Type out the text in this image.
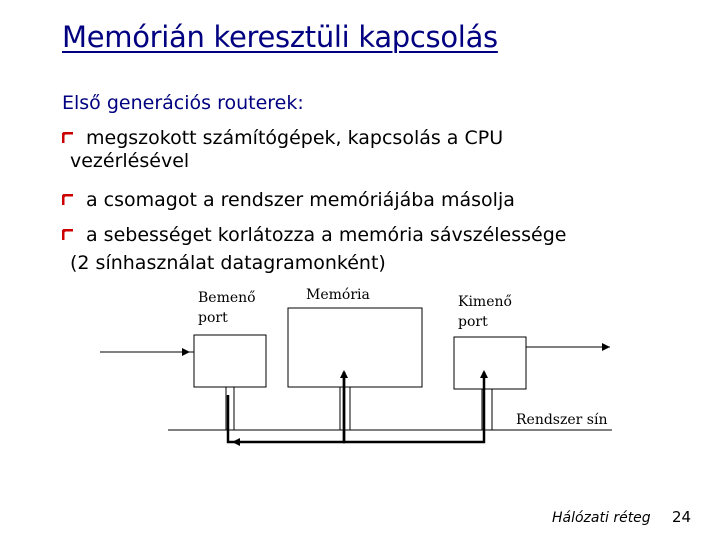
Memórián keresztüli kapcsolás
Első generációs routerek:
megszokott számítógépek, kapcsolás a CPU
vezérlésével
a csomagot a rendszer memóriájába másolja
a sebességet korlátozza a memória sávszélessége
(2 sínhasználat datagramonként)
Bemenő
port
Memória	Kimenő
port
Rendszer sín
Hálózati réteg 24
